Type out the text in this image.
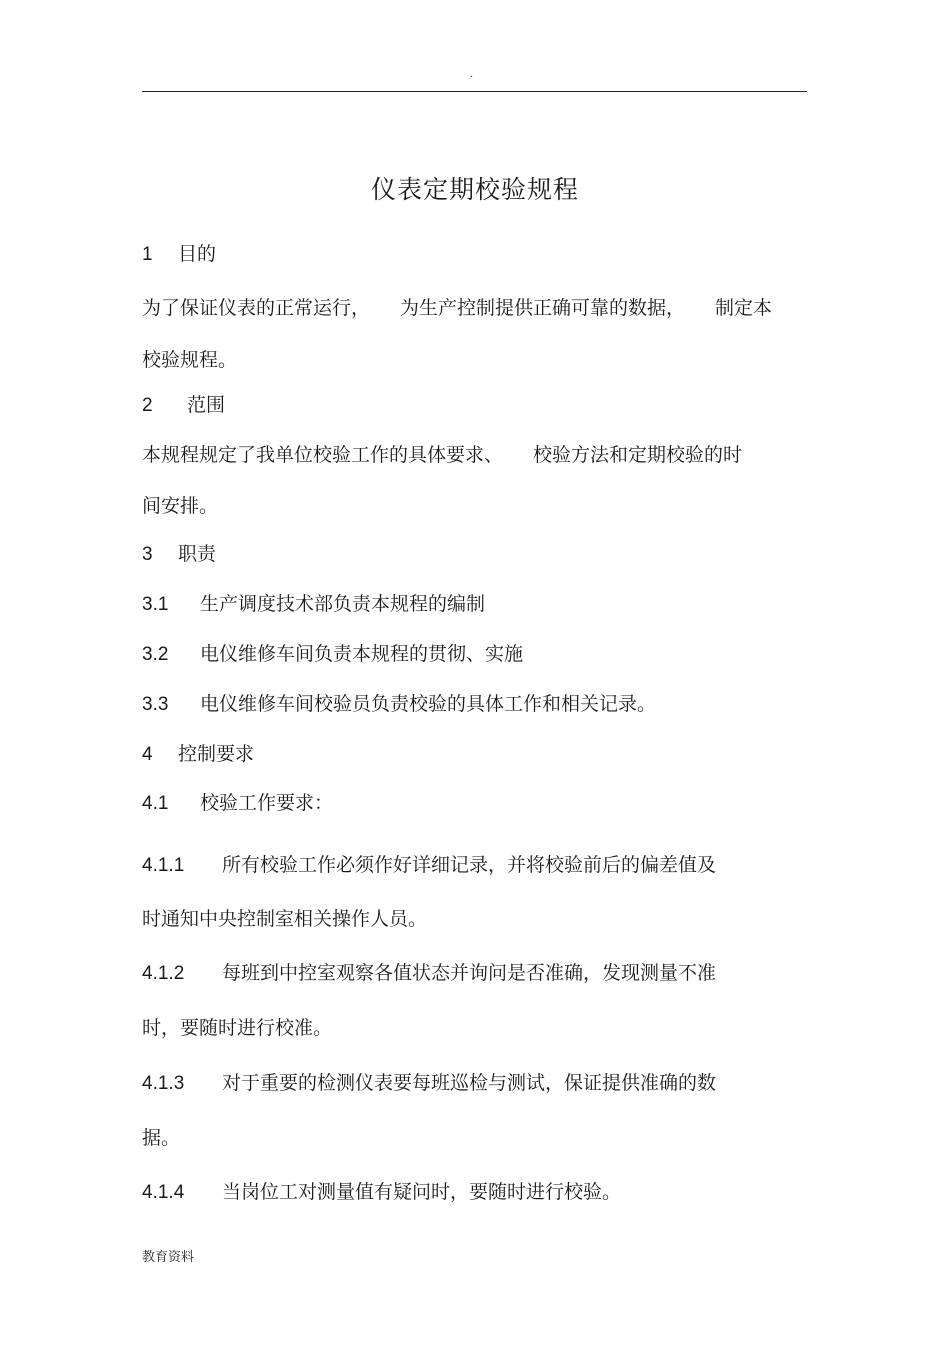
.
仪表定期校验规程
1 目的
为了保证仪表的正常运行， 为生产控制提供正确可靠的数据， 制定本
校验规程。
2 范围
本规程规定了我单位校验工作的具体要求、 校验方法和定期校验的时
间安排。
3 职责
3.1 生产调度技术部负责本规程的编制
3.2 电仪维修车间负责本规程的贯彻、实施
3.3 电仪维修车间校验员负责校验的具体工作和相关记录。
4 控制要求
4.1 校验工作要求：
4.1.1 所有校验工作必须作好详细记录，并将校验前后的偏差值及
时通知中央控制室相关操作人员。
4.1.2 每班到中控室观察各值状态并询问是否准确，发现测量不准
时，要随时进行校准。
4.1.3 对于重要的检测仪表要每班巡检与测试，保证提供准确的数
据。
4.1.4 当岗位工对测量值有疑问时，要随时进行校验。
教育资料
